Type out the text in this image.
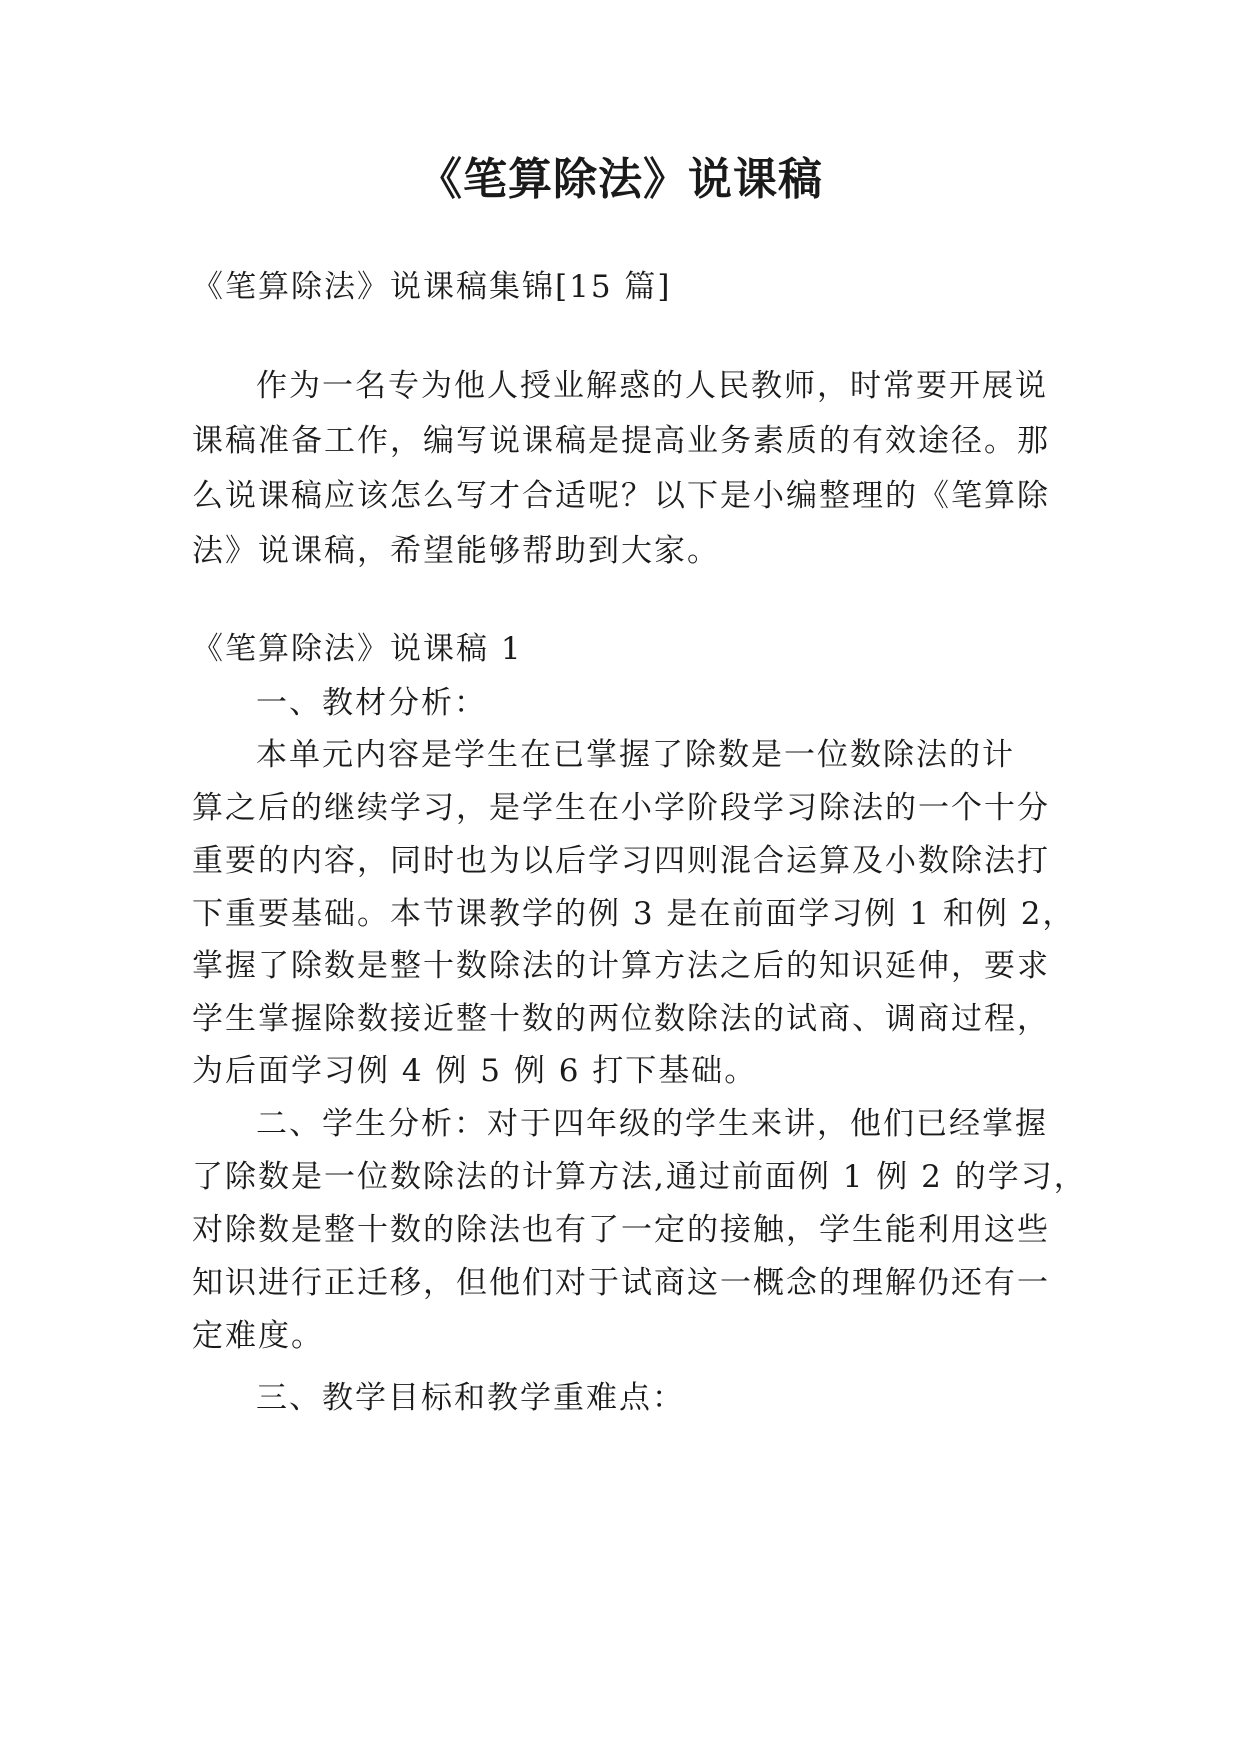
《笔算除法》说课稿
《笔算除法》说课稿集锦[15 篇]
作为一名专为他人授业解惑的人民教师，时常要开展说
课稿准备工作，编写说课稿是提高业务素质的有效途径。那
么说课稿应该怎么写才合适呢？以下是小编整理的《笔算除
法》说课稿，希望能够帮助到大家。
《笔算除法》说课稿 1
一、教材分析：
本单元内容是学生在已掌握了除数是一位数除法的计
算之后的继续学习，是学生在小学阶段学习除法的一个十分
重要的内容，同时也为以后学习四则混合运算及小数除法打
下重要基础。本节课教学的例 3 是在前面学习例 1 和例 2，
掌握了除数是整十数除法的计算方法之后的知识延伸，要求
学生掌握除数接近整十数的两位数除法的试商、调商过程，
为后面学习例 4 例 5 例 6 打下基础。
二、学生分析：对于四年级的学生来讲，他们已经掌握
了除数是一位数除法的计算方法,通过前面例 1 例 2 的学习，
对除数是整十数的除法也有了一定的接触，学生能利用这些
知识进行正迁移，但他们对于试商这一概念的理解仍还有一
定难度。
三、教学目标和教学重难点：
